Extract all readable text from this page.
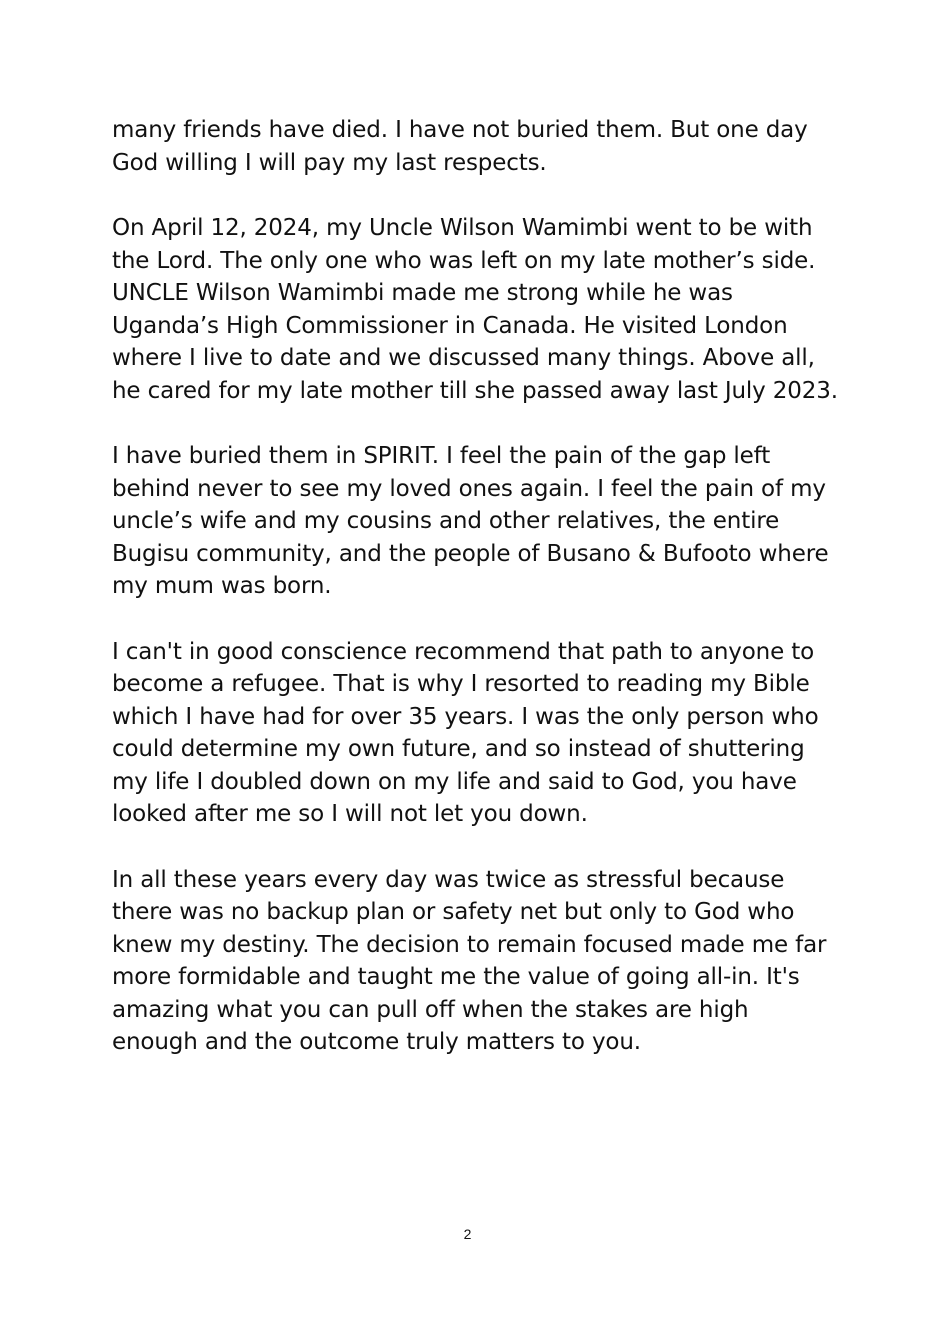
many friends have died. I have not buried them. But one day
God willing I will pay my last respects.

On April 12, 2024, my Uncle Wilson Wamimbi went to be with
the Lord. The only one who was left on my late mother’s side.
UNCLE Wilson Wamimbi made me strong while he was
Uganda’s High Commissioner in Canada. He visited London
where I live to date and we discussed many things. Above all,
he cared for my late mother till she passed away last July 2023.

I have buried them in SPIRIT. I feel the pain of the gap left
behind never to see my loved ones again. I feel the pain of my
uncle’s wife and my cousins and other relatives, the entire
Bugisu community, and the people of Busano & Bufooto where
my mum was born.

I can't in good conscience recommend that path to anyone to
become a refugee. That is why I resorted to reading my Bible
which I have had for over 35 years. I was the only person who
could determine my own future, and so instead of shuttering
my life I doubled down on my life and said to God, you have
looked after me so I will not let you down.

In all these years every day was twice as stressful because
there was no backup plan or safety net but only to God who
knew my destiny. The decision to remain focused made me far
more formidable and taught me the value of going all-in. It's
amazing what you can pull off when the stakes are high
enough and the outcome truly matters to you.

2
